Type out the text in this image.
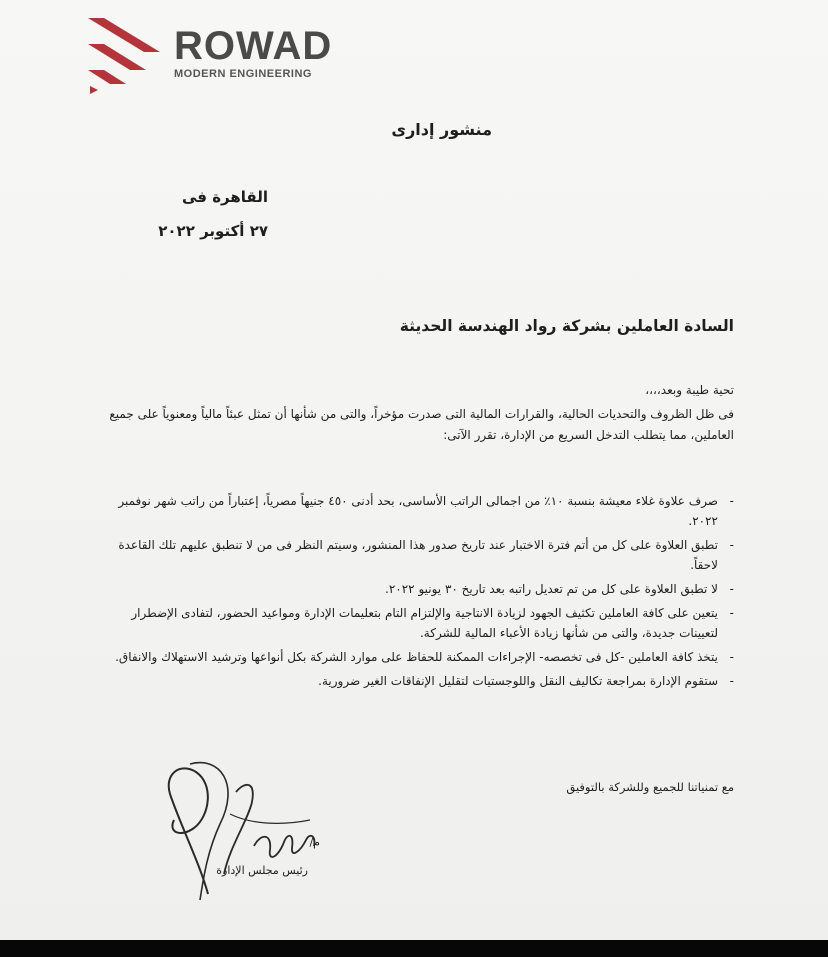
ROWAD
MODERN ENGINEERING
منشور إدارى
القاهرة فى
٢٧ أكتوبر ٢٠٢٢
السادة العاملين بشركة رواد الهندسة الحديثة
تحية طيبة وبعد،،،،
فى ظل الظروف والتحديات الحالية، والقرارات المالية التى صدرت مؤخراً، والتى من شأنها أن تمثل عبئاً مالياً ومعنوياً على جميع العاملين، مما يتطلب التدخل السريع من الإدارة، تقرر الآتى:
- صرف علاوة غلاء معيشة بنسبة ١٠٪ من اجمالى الراتب الأساسى، بحد أدنى ٤٥٠ جنيهاً مصرياً، إعتباراً من راتب شهر نوفمبر ٢٠٢٢.
- تطبق العلاوة على كل من أتم فترة الاختبار عند تاريخ صدور هذا المنشور، وسيتم النظر فى من لا تنطبق عليهم تلك القاعدة لاحقاً.
- لا تطبق العلاوة على كل من تم تعديل راتبه بعد تاريخ ٣٠ يونيو ٢٠٢٢.
- يتعين على كافة العاملين تكثيف الجهود لزيادة الانتاجية والإلتزام التام بتعليمات الإدارة ومواعيد الحضور، لتفادى الإضطرار لتعيينات جديدة، والتى من شأنها زيادة الأعباء المالية للشركة.
- يتخذ كافة العاملين -كل فى تخصصه- الإجراءات الممكنة للحفاظ على موارد الشركة بكل أنواعها وترشيد الاستهلاك والانفاق.
- ستقوم الإدارة بمراجعة تكاليف النقل واللوجستيات لتقليل الإنفاقات الغير ضرورية.
مع تمنياتنا للجميع وللشركة بالتوفيق
م/
رئيس مجلس الإدارة
